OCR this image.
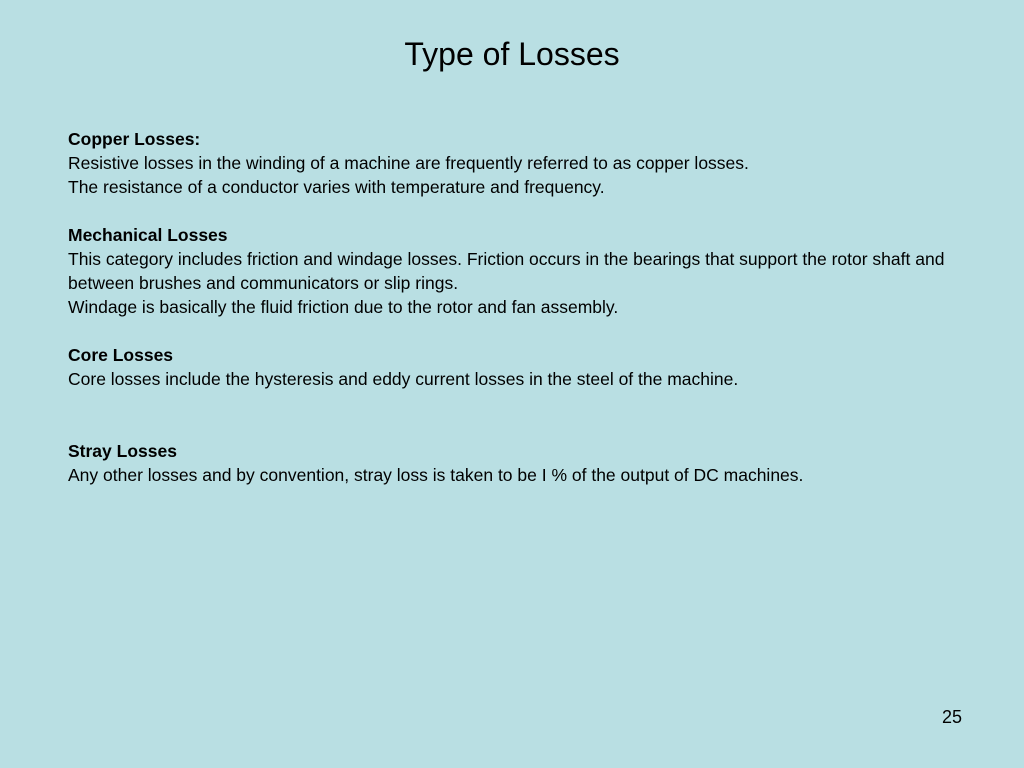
Type of Losses
Copper Losses:
Resistive losses in the winding of a machine are frequently referred to as copper losses.
The resistance of a conductor varies with temperature and frequency.
Mechanical Losses
This category includes friction and windage losses. Friction occurs in the bearings that support the rotor shaft and between brushes and communicators or slip rings.
Windage is basically the fluid friction due to the rotor and fan assembly.
Core Losses
Core losses include the hysteresis and eddy current losses in the steel of the machine.
Stray Losses
Any other losses and by convention, stray loss is taken to be I % of the output of DC machines.
25
